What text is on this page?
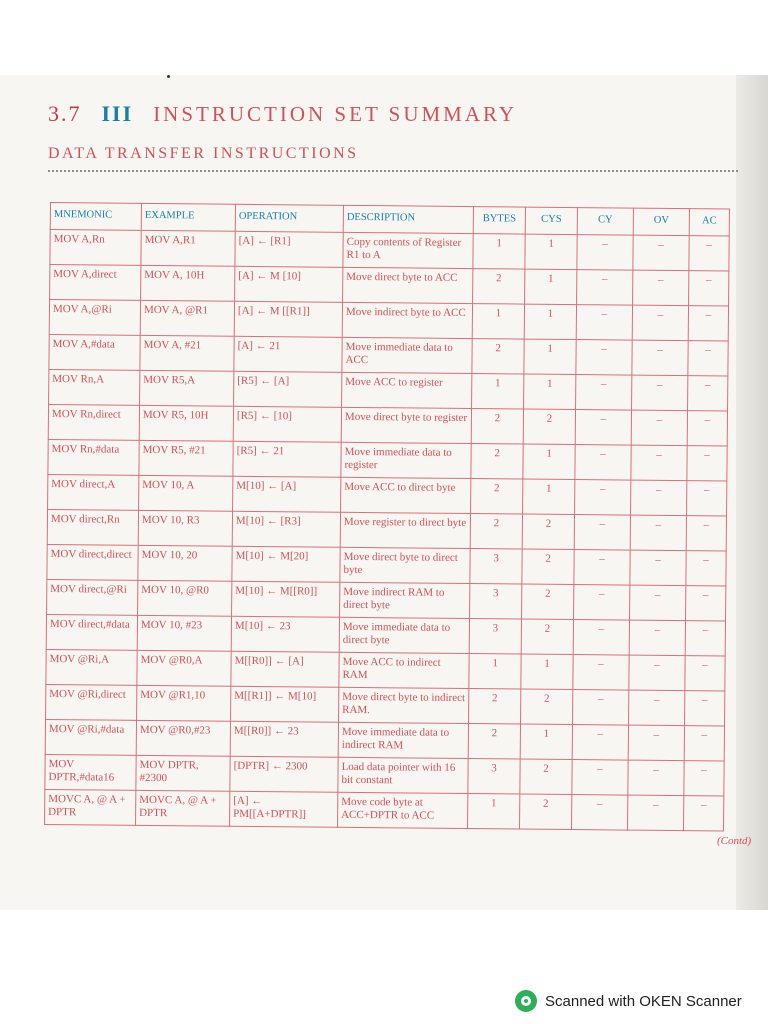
3.7 III INSTRUCTION SET SUMMARY
DATA TRANSFER INSTRUCTIONS
MNEMONIC	EXAMPLE	OPERATION	DESCRIPTION	BYTES	CYS	CY	OV	AC
MOV A,Rn	MOV A,R1	[A] ← [R1]	Copy contents of Register R1 to A	1	1	–	–	–
MOV A,direct	MOV A, 10H	[A] ← M [10]	Move direct byte to ACC	2	1	–	–	–
MOV A,@Ri	MOV A, @R1	[A] ← M [[R1]]	Move indirect byte to ACC	1	1	–	–	–
MOV A,#data	MOV A, #21	[A] ← 21	Move immediate data to ACC	2	1	–	–	–
MOV Rn,A	MOV R5,A	[R5] ← [A]	Move ACC to register	1	1	–	–	–
MOV Rn,direct	MOV R5, 10H	[R5] ← [10]	Move direct byte to register	2	2	–	–	–
MOV Rn,#data	MOV R5, #21	[R5] ← 21	Move immediate data to register	2	1	–	–	–
MOV direct,A	MOV 10, A	M[10] ← [A]	Move ACC to direct byte	2	1	–	–	–
MOV direct,Rn	MOV 10, R3	M[10] ← [R3]	Move register to direct byte	2	2	–	–	–
MOV direct,direct	MOV 10, 20	M[10] ← M[20]	Move direct byte to direct byte	3	2	–	–	–
MOV direct,@Ri	MOV 10, @R0	M[10] ← M[[R0]]	Move indirect RAM to direct byte	3	2	–	–	–
MOV direct,#data	MOV 10, #23	M[10] ← 23	Move immediate data to direct byte	3	2	–	–	–
MOV @Ri,A	MOV @R0,A	M[[R0]] ← [A]	Move ACC to indirect RAM	1	1	–	–	–
MOV @Ri,direct	MOV @R1,10	M[[R1]] ← M[10]	Move direct byte to indirect RAM.	2	2	–	–	–
MOV @Ri,#data	MOV @R0,#23	M[[R0]] ← 23	Move immediate data to indirect RAM	2	1	–	–	–
MOV DPTR,#data16	MOV DPTR, #2300	[DPTR] ← 2300	Load data pointer with 16 bit constant	3	2	–	–	–
MOVC A, @ A + DPTR	MOVC A, @ A + DPTR	[A] ← PM[[A+DPTR]]	Move code byte at ACC+DPTR to ACC	1	2	–	–	–
(Contd)
Scanned with OKEN Scanner
